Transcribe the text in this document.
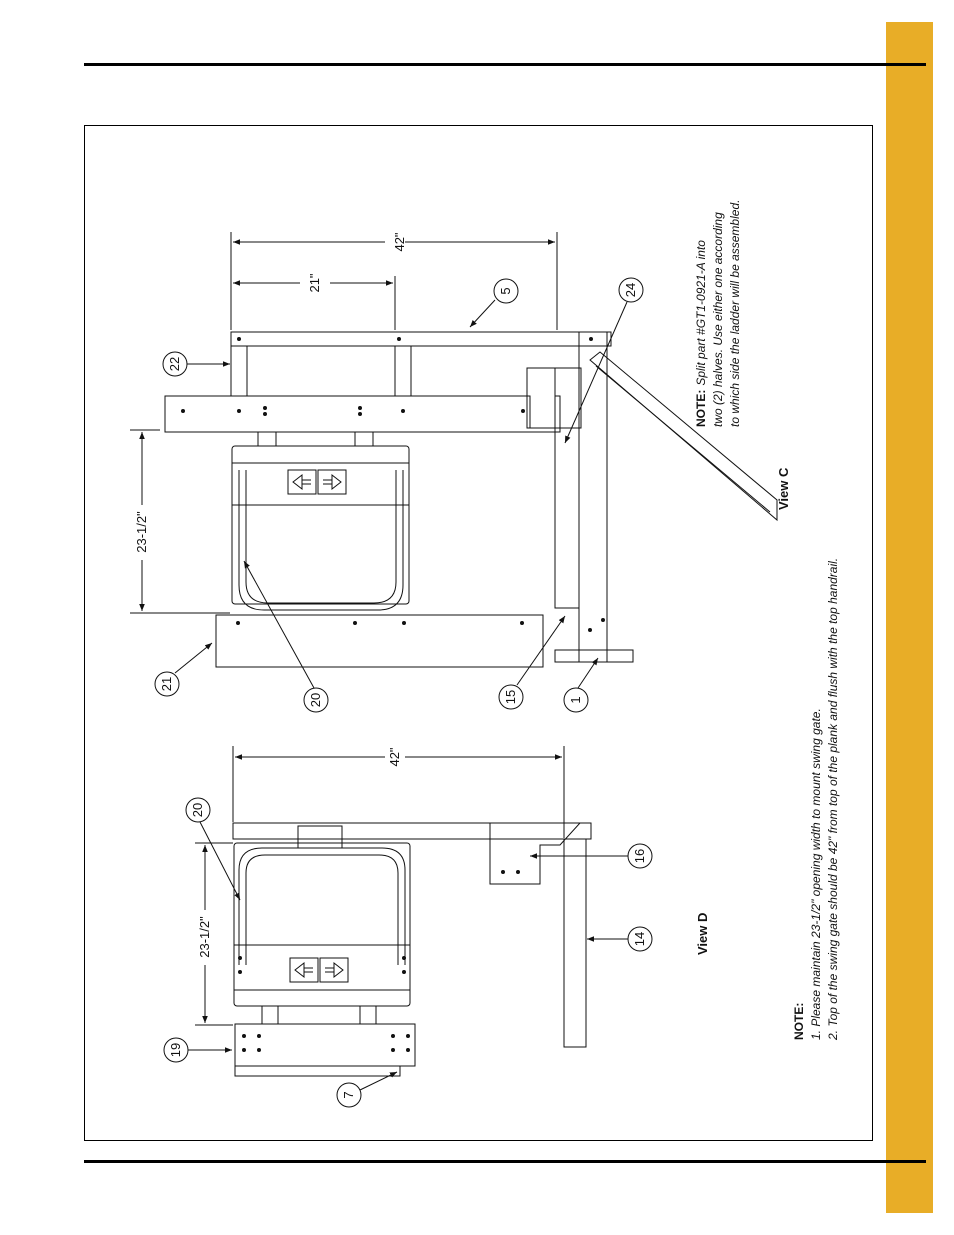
42"
21"
23-1/2"
5
22
24
21
20	15	1
NOTE:Split part #GT1-0921-A into two (2) halves. Use either one according to which side the ladder will be assembled.
View C
42"
23-1/2"
20
16
14
19
7
View D
NOTE: 1. Please maintain 23-1/2" opening width to mount swing gate. 2. Top of the swing gate should be 42" from top of the plank and flush with the top handrail.
